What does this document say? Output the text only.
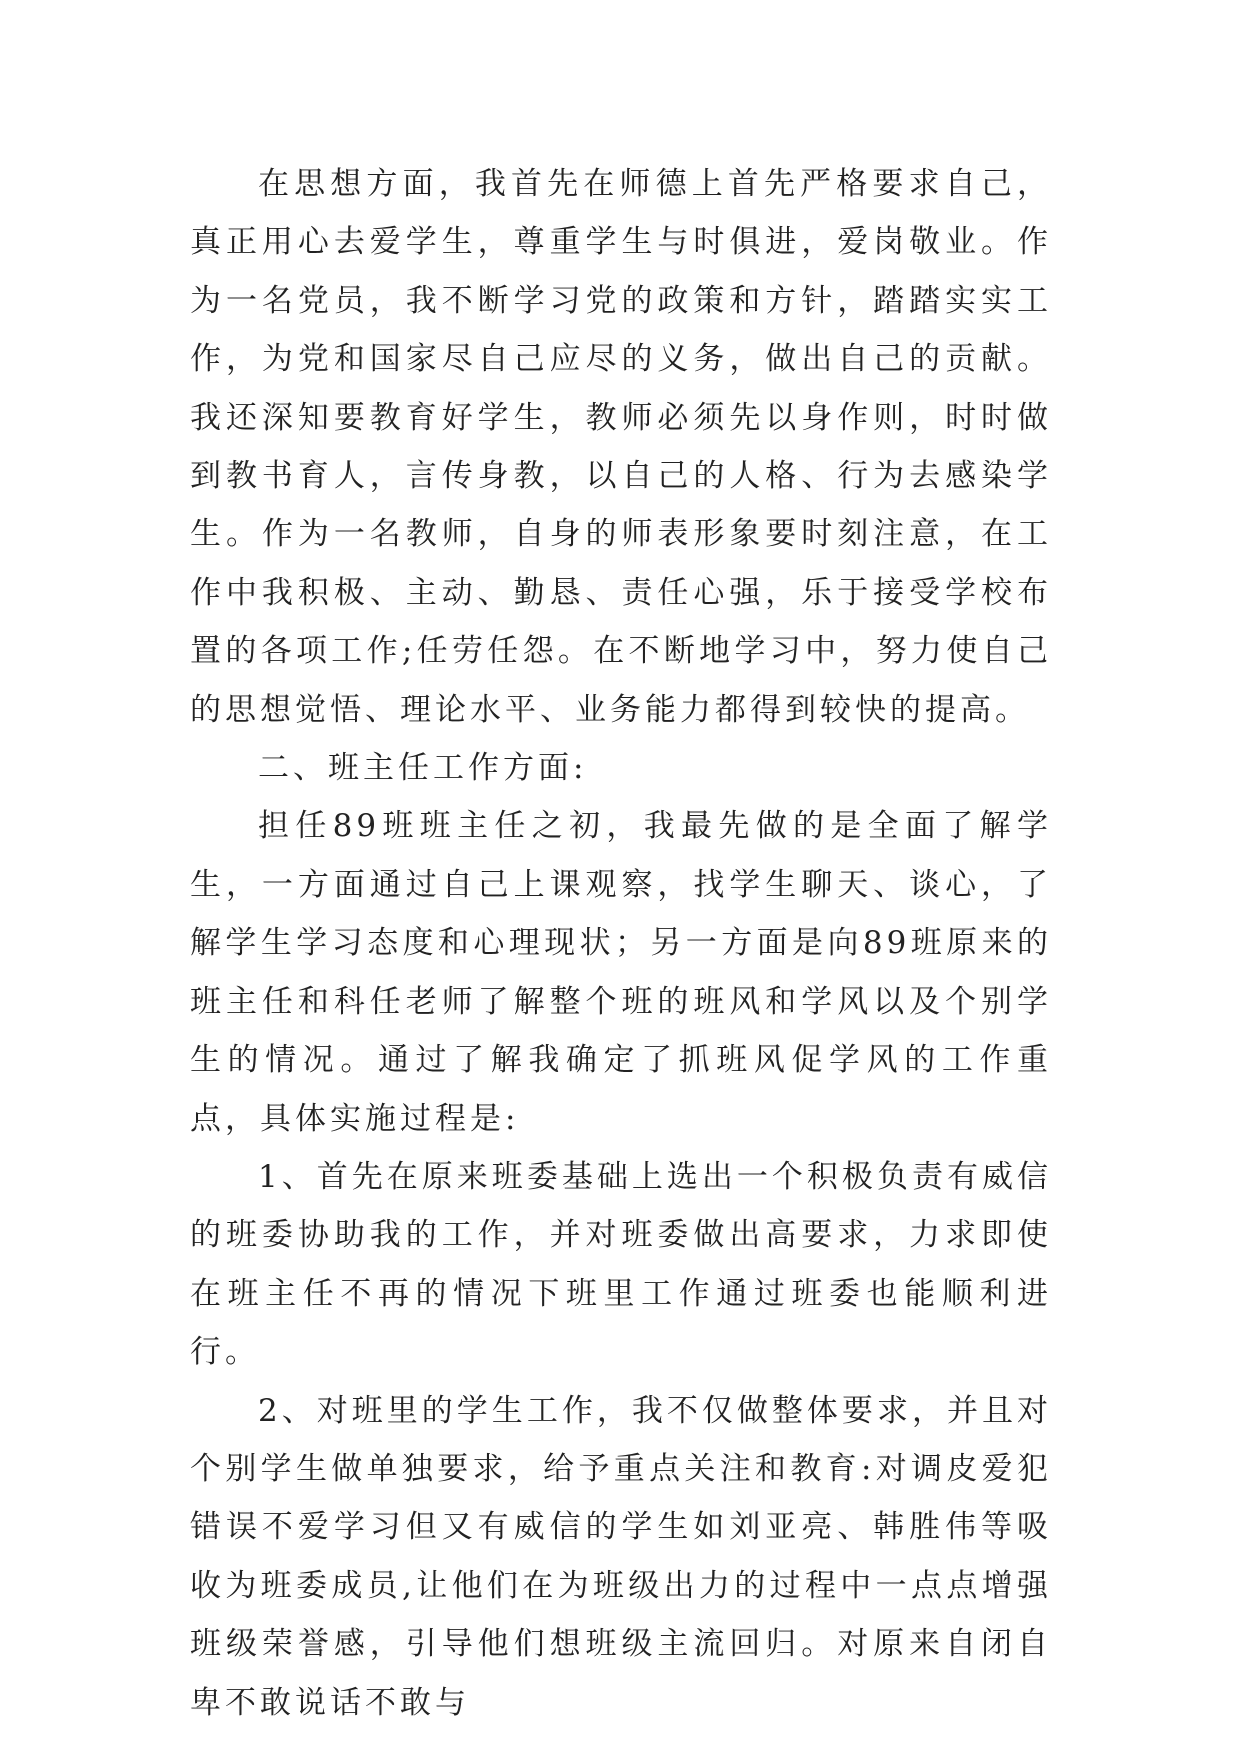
在思想方面，我首先在师德上首先严格要求自己，真正用心去爱学生，尊重学生与时俱进，爱岗敬业。作为一名党员，我不断学习党的政策和方针，踏踏实实工作，为党和国家尽自己应尽的义务，做出自己的贡献。我还深知要教育好学生，教师必须先以身作则，时时做到教书育人，言传身教，以自己的人格、行为去感染学生。作为一名教师，自身的师表形象要时刻注意，在工作中我积极、主动、勤恳、责任心强，乐于接受学校布置的各项工作;任劳任怨。在不断地学习中，努力使自己的思想觉悟、理论水平、业务能力都得到较快的提高。

二、班主任工作方面:

担任89班班主任之初，我最先做的是全面了解学生，一方面通过自己上课观察，找学生聊天、谈心，了解学生学习态度和心理现状；另一方面是向89班原来的班主任和科任老师了解整个班的班风和学风以及个别学生的情况。通过了解我确定了抓班风促学风的工作重点，具体实施过程是:

1、首先在原来班委基础上选出一个积极负责有威信的班委协助我的工作，并对班委做出高要求，力求即使在班主任不再的情况下班里工作通过班委也能顺利进行。

2、对班里的学生工作，我不仅做整体要求，并且对个别学生做单独要求，给予重点关注和教育:对调皮爱犯错误不爱学习但又有威信的学生如刘亚亮、韩胜伟等吸收为班委成员,让他们在为班级出力的过程中一点点增强班级荣誉感，引导他们想班级主流回归。对原来自闭自卑不敢说话不敢与
